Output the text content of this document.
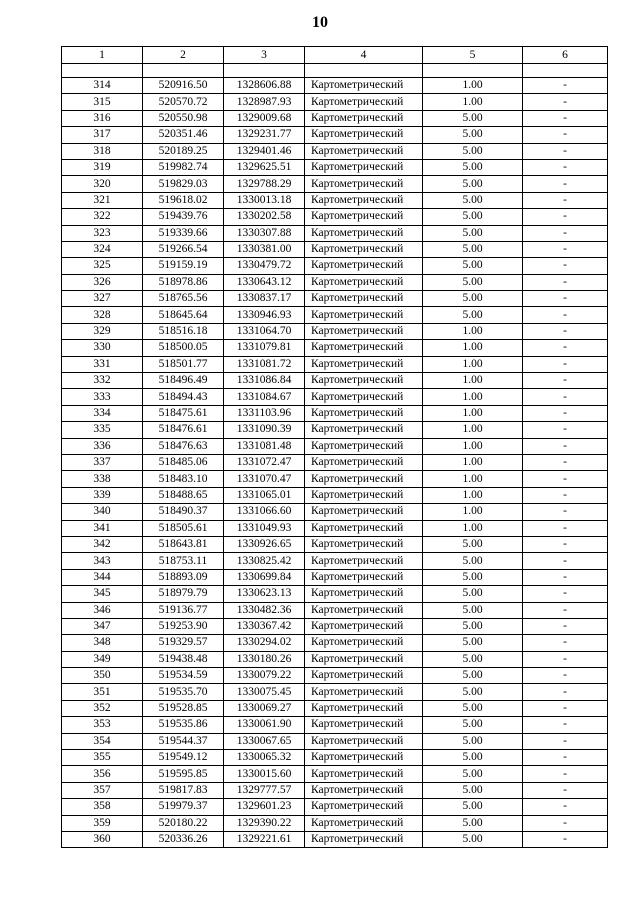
10
1	2	3	4	5	6

314	520916.50	1328606.88	Картометрический	1.00	-
315	520570.72	1328987.93	Картометрический	1.00	-
316	520550.98	1329009.68	Картометрический	5.00	-
317	520351.46	1329231.77	Картометрический	5.00	-
318	520189.25	1329401.46	Картометрический	5.00	-
319	519982.74	1329625.51	Картометрический	5.00	-
320	519829.03	1329788.29	Картометрический	5.00	-
321	519618.02	1330013.18	Картометрический	5.00	-
322	519439.76	1330202.58	Картометрический	5.00	-
323	519339.66	1330307.88	Картометрический	5.00	-
324	519266.54	1330381.00	Картометрический	5.00	-
325	519159.19	1330479.72	Картометрический	5.00	-
326	518978.86	1330643.12	Картометрический	5.00	-
327	518765.56	1330837.17	Картометрический	5.00	-
328	518645.64	1330946.93	Картометрический	5.00	-
329	518516.18	1331064.70	Картометрический	1.00	-
330	518500.05	1331079.81	Картометрический	1.00	-
331	518501.77	1331081.72	Картометрический	1.00	-
332	518496.49	1331086.84	Картометрический	1.00	-
333	518494.43	1331084.67	Картометрический	1.00	-
334	518475.61	1331103.96	Картометрический	1.00	-
335	518476.61	1331090.39	Картометрический	1.00	-
336	518476.63	1331081.48	Картометрический	1.00	-
337	518485.06	1331072.47	Картометрический	1.00	-
338	518483.10	1331070.47	Картометрический	1.00	-
339	518488.65	1331065.01	Картометрический	1.00	-
340	518490.37	1331066.60	Картометрический	1.00	-
341	518505.61	1331049.93	Картометрический	1.00	-
342	518643.81	1330926.65	Картометрический	5.00	-
343	518753.11	1330825.42	Картометрический	5.00	-
344	518893.09	1330699.84	Картометрический	5.00	-
345	518979.79	1330623.13	Картометрический	5.00	-
346	519136.77	1330482.36	Картометрический	5.00	-
347	519253.90	1330367.42	Картометрический	5.00	-
348	519329.57	1330294.02	Картометрический	5.00	-
349	519438.48	1330180.26	Картометрический	5.00	-
350	519534.59	1330079.22	Картометрический	5.00	-
351	519535.70	1330075.45	Картометрический	5.00	-
352	519528.85	1330069.27	Картометрический	5.00	-
353	519535.86	1330061.90	Картометрический	5.00	-
354	519544.37	1330067.65	Картометрический	5.00	-
355	519549.12	1330065.32	Картометрический	5.00	-
356	519595.85	1330015.60	Картометрический	5.00	-
357	519817.83	1329777.57	Картометрический	5.00	-
358	519979.37	1329601.23	Картометрический	5.00	-
359	520180.22	1329390.22	Картометрический	5.00	-
360	520336.26	1329221.61	Картометрический	5.00	-
